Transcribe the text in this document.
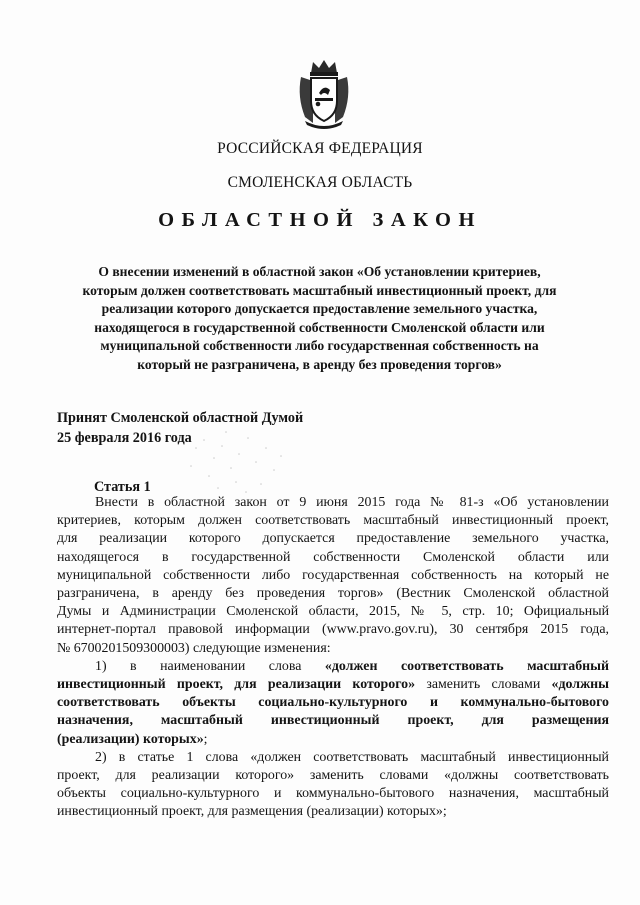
РОССИЙСКАЯ ФЕДЕРАЦИЯ
СМОЛЕНСКАЯ ОБЛАСТЬ
ОБЛАСТНОЙ ЗАКОН
О внесении изменений в областной закон «Об установлении критериев,
которым должен соответствовать масштабный инвестиционный проект, для
реализации которого допускается предоставление земельного участка,
находящегося в государственной собственности Смоленской области или
муниципальной собственности либо государственная собственность на
который не разграничена, в аренду без проведения торгов»
Принят Смоленской областной Думой
25 февраля 2016 года
Статья 1
Внести в областной закон от 9 июня 2015 года № 81-з «Об установлении
критериев, которым должен соответствовать масштабный инвестиционный проект,
для реализации которого допускается предоставление земельного участка,
находящегося в государственной собственности Смоленской области или
муниципальной собственности либо государственная собственность на который не
разграничена, в аренду без проведения торгов» (Вестник Смоленской областной
Думы и Администрации Смоленской области, 2015, № 5, стр. 10; Официальный
интернет-портал правовой информации (www.pravo.gov.ru), 30 сентября 2015 года,
№ 6700201509300003) следующие изменения:
1) в наименовании слова «должен соответствовать масштабный
инвестиционный проект, для реализации которого» заменить словами «должны
соответствовать объекты социально-культурного и коммунально-бытового
назначения, масштабный инвестиционный проект, для размещения
(реализации) которых»;
2) в статье 1 слова «должен соответствовать масштабный инвестиционный
проект, для реализации которого» заменить словами «должны соответствовать
объекты социально-культурного и коммунально-бытового назначения, масштабный
инвестиционный проект, для размещения (реализации) которых»;
